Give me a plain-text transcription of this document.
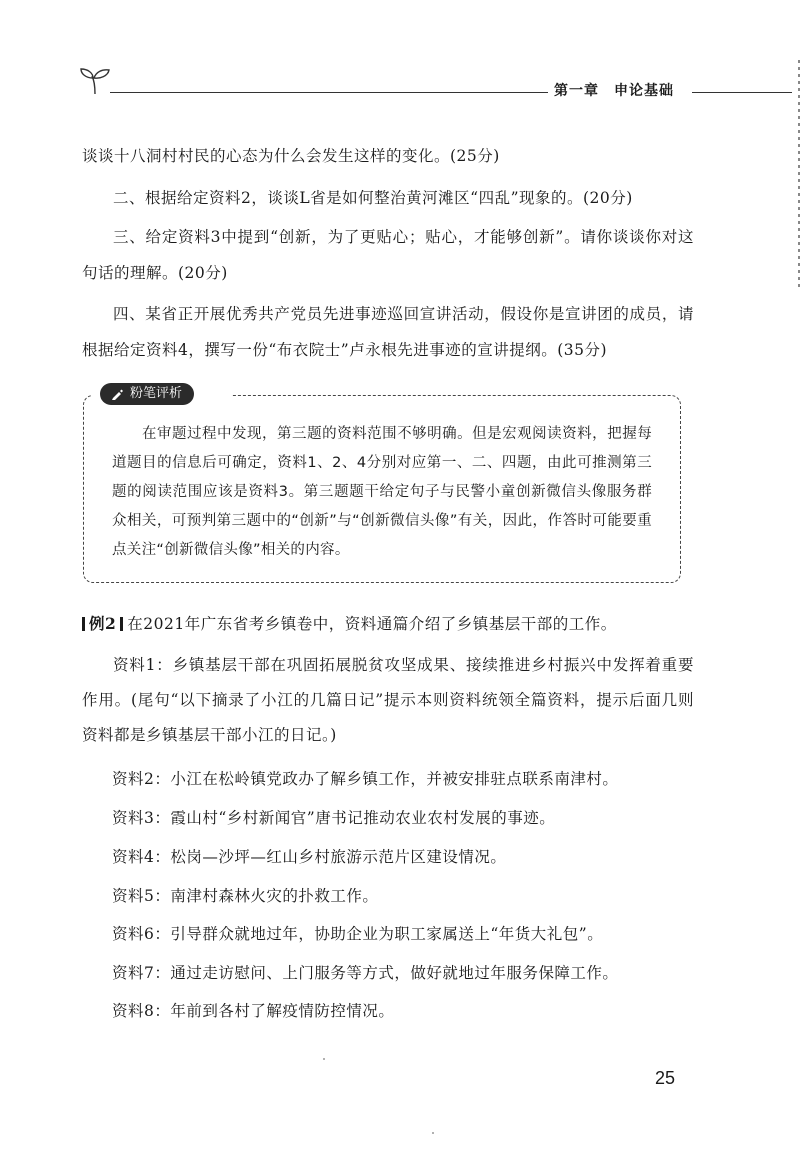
第一章　申论基础

谈谈十八洞村村民的心态为什么会发生这样的变化。(25分)

二、根据给定资料2，谈谈L省是如何整治黄河滩区“四乱”现象的。(20分)

三、给定资料3中提到“创新，为了更贴心；贴心，才能够创新”。请你谈谈你对这句话的理解。(20分)

四、某省正开展优秀共产党员先进事迹巡回宣讲活动，假设你是宣讲团的成员，请根据给定资料4，撰写一份“布衣院士”卢永根先进事迹的宣讲提纲。(35分)

粉笔评析

在审题过程中发现，第三题的资料范围不够明确。但是宏观阅读资料，把握每道题目的信息后可确定，资料1、2、4分别对应第一、二、四题，由此可推测第三题的阅读范围应该是资料3。第三题题干给定句子与民警小童创新微信头像服务群众相关，可预判第三题中的“创新”与“创新微信头像”有关，因此，作答时可能要重点关注“创新微信头像”相关的内容。

例2 在2021年广东省考乡镇卷中，资料通篇介绍了乡镇基层干部的工作。

资料1：乡镇基层干部在巩固拓展脱贫攻坚成果、接续推进乡村振兴中发挥着重要作用。(尾句“以下摘录了小江的几篇日记”提示本则资料统领全篇资料，提示后面几则资料都是乡镇基层干部小江的日记。)

资料2：小江在松岭镇党政办了解乡镇工作，并被安排驻点联系南津村。

资料3：霞山村“乡村新闻官”唐书记推动农业农村发展的事迹。

资料4：松岗—沙坪—红山乡村旅游示范片区建设情况。

资料5：南津村森林火灾的扑救工作。

资料6：引导群众就地过年，协助企业为职工家属送上“年货大礼包”。

资料7：通过走访慰问、上门服务等方式，做好就地过年服务保障工作。

资料8：年前到各村了解疫情防控情况。

25
